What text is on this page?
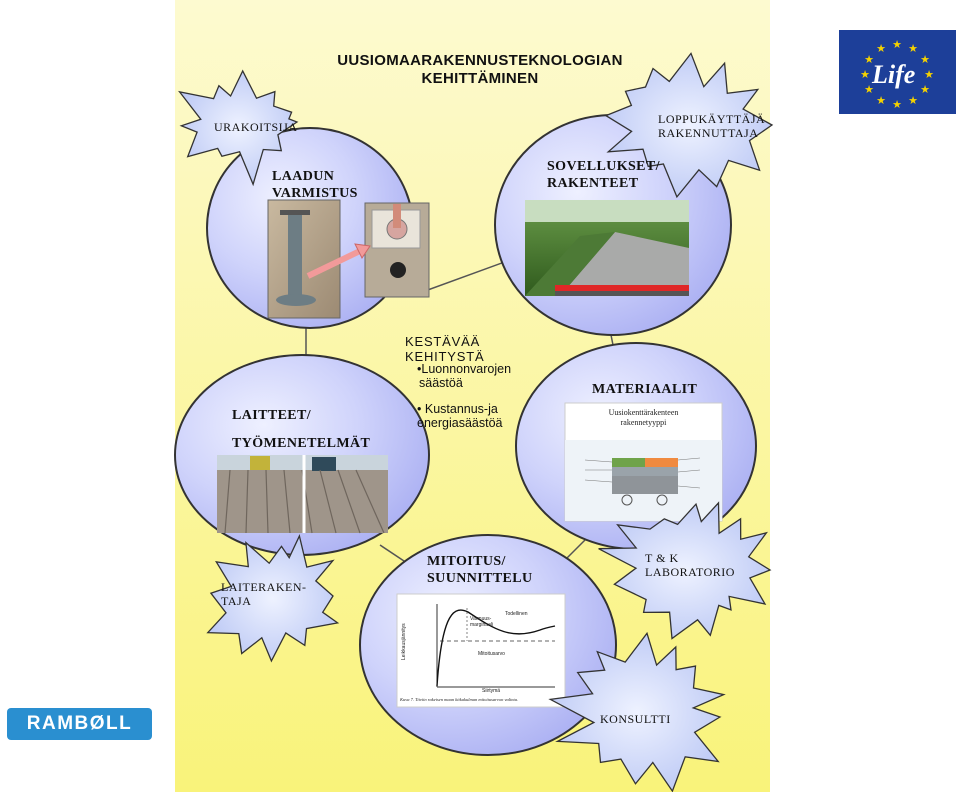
★ ★
★
★
★
★
★
★
★
★
★
★
UUSIOMAARAKENNUSTEKNOLOGIAN
KEHITTÄMINEN
LAADUN
VARMISTUS
SOVELLUKSET/
RAKENTEET
LAITTEET/
TYÖMENETELMÄT
MATERIAALIT
MITOITUS/
SUUNNITTELU
KESTÄVÄÄ
KEHITYSTÄ
•Luonnonvarojen
säästöä
• Kustannus-ja
energiasäästöä
URAKOITSIJA
LOPPUKÄYTTÄJÄ
RAKENNUTTAJA
LAITERAKEN-
TAJA
T & K
LABORATORIO
KONSULTTI
Uusiokenttärakenteen
rakennetyyppi
Leikkausjännitys
Siirtymä
Varmuus-marginaali
Todellinen
Mitoitusarvo
Kuva 7. Tiiviin rakeisen maan kitkakulman mitoitusarvon valinta.
Life
RAMBØLL
